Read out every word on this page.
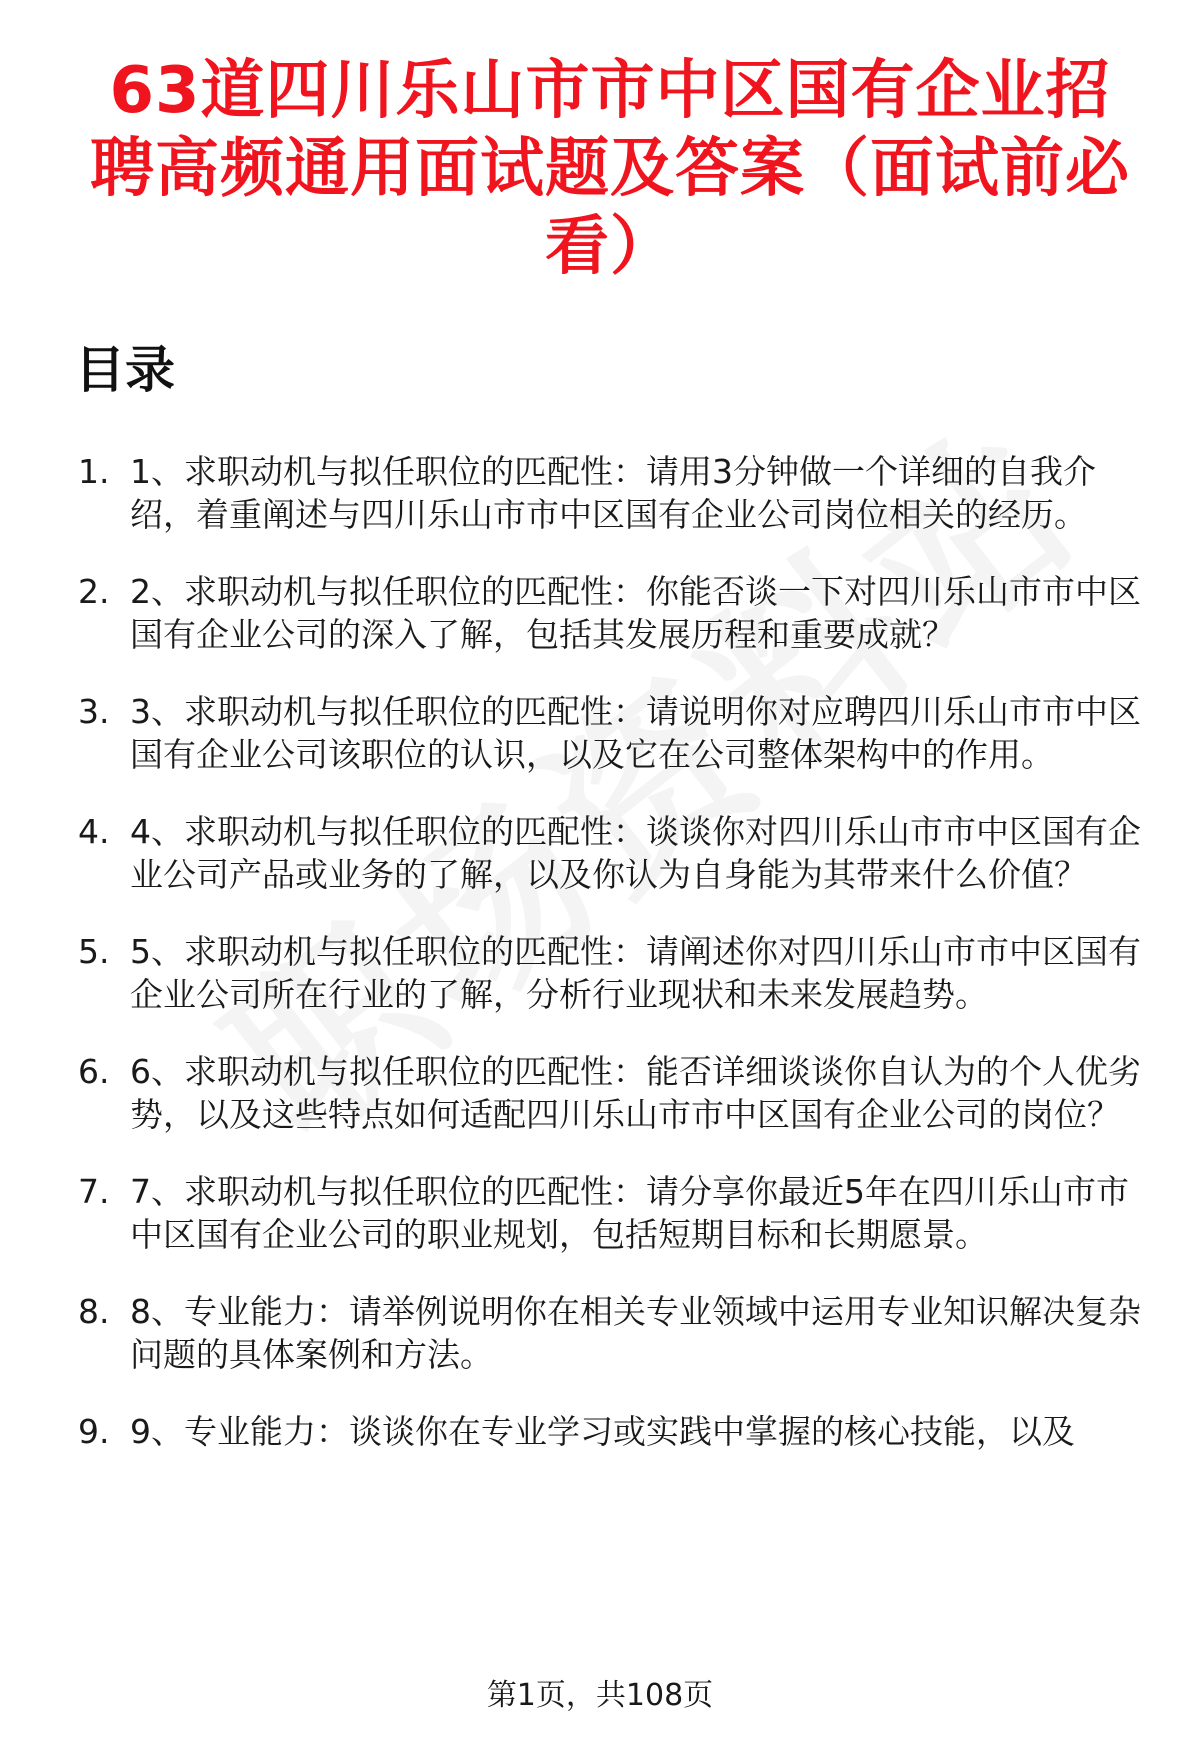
63道四川乐山市市中区国有企业招聘高频通用面试题及答案（面试前必看）
目录
1. 1、求职动机与拟任职位的匹配性：请用3分钟做一个详细的自我介绍，着重阐述与四川乐山市市中区国有企业公司岗位相关的经历。
2. 2、求职动机与拟任职位的匹配性：你能否谈一下对四川乐山市市中区国有企业公司的深入了解，包括其发展历程和重要成就？
3. 3、求职动机与拟任职位的匹配性：请说明你对应聘四川乐山市市中区国有企业公司该职位的认识，以及它在公司整体架构中的作用。
4. 4、求职动机与拟任职位的匹配性：谈谈你对四川乐山市市中区国有企业公司产品或业务的了解，以及你认为自身能为其带来什么价值？
5. 5、求职动机与拟任职位的匹配性：请阐述你对四川乐山市市中区国有企业公司所在行业的了解，分析行业现状和未来发展趋势。
6. 6、求职动机与拟任职位的匹配性：能否详细谈谈你自认为的个人优劣势，以及这些特点如何适配四川乐山市市中区国有企业公司的岗位？
7. 7、求职动机与拟任职位的匹配性：请分享你最近5年在四川乐山市市中区国有企业公司的职业规划，包括短期目标和长期愿景。
8. 8、专业能力：请举例说明你在相关专业领域中运用专业知识解决复杂问题的具体案例和方法。
9. 9、专业能力：谈谈你在专业学习或实践中掌握的核心技能，以及
第1页，共108页
